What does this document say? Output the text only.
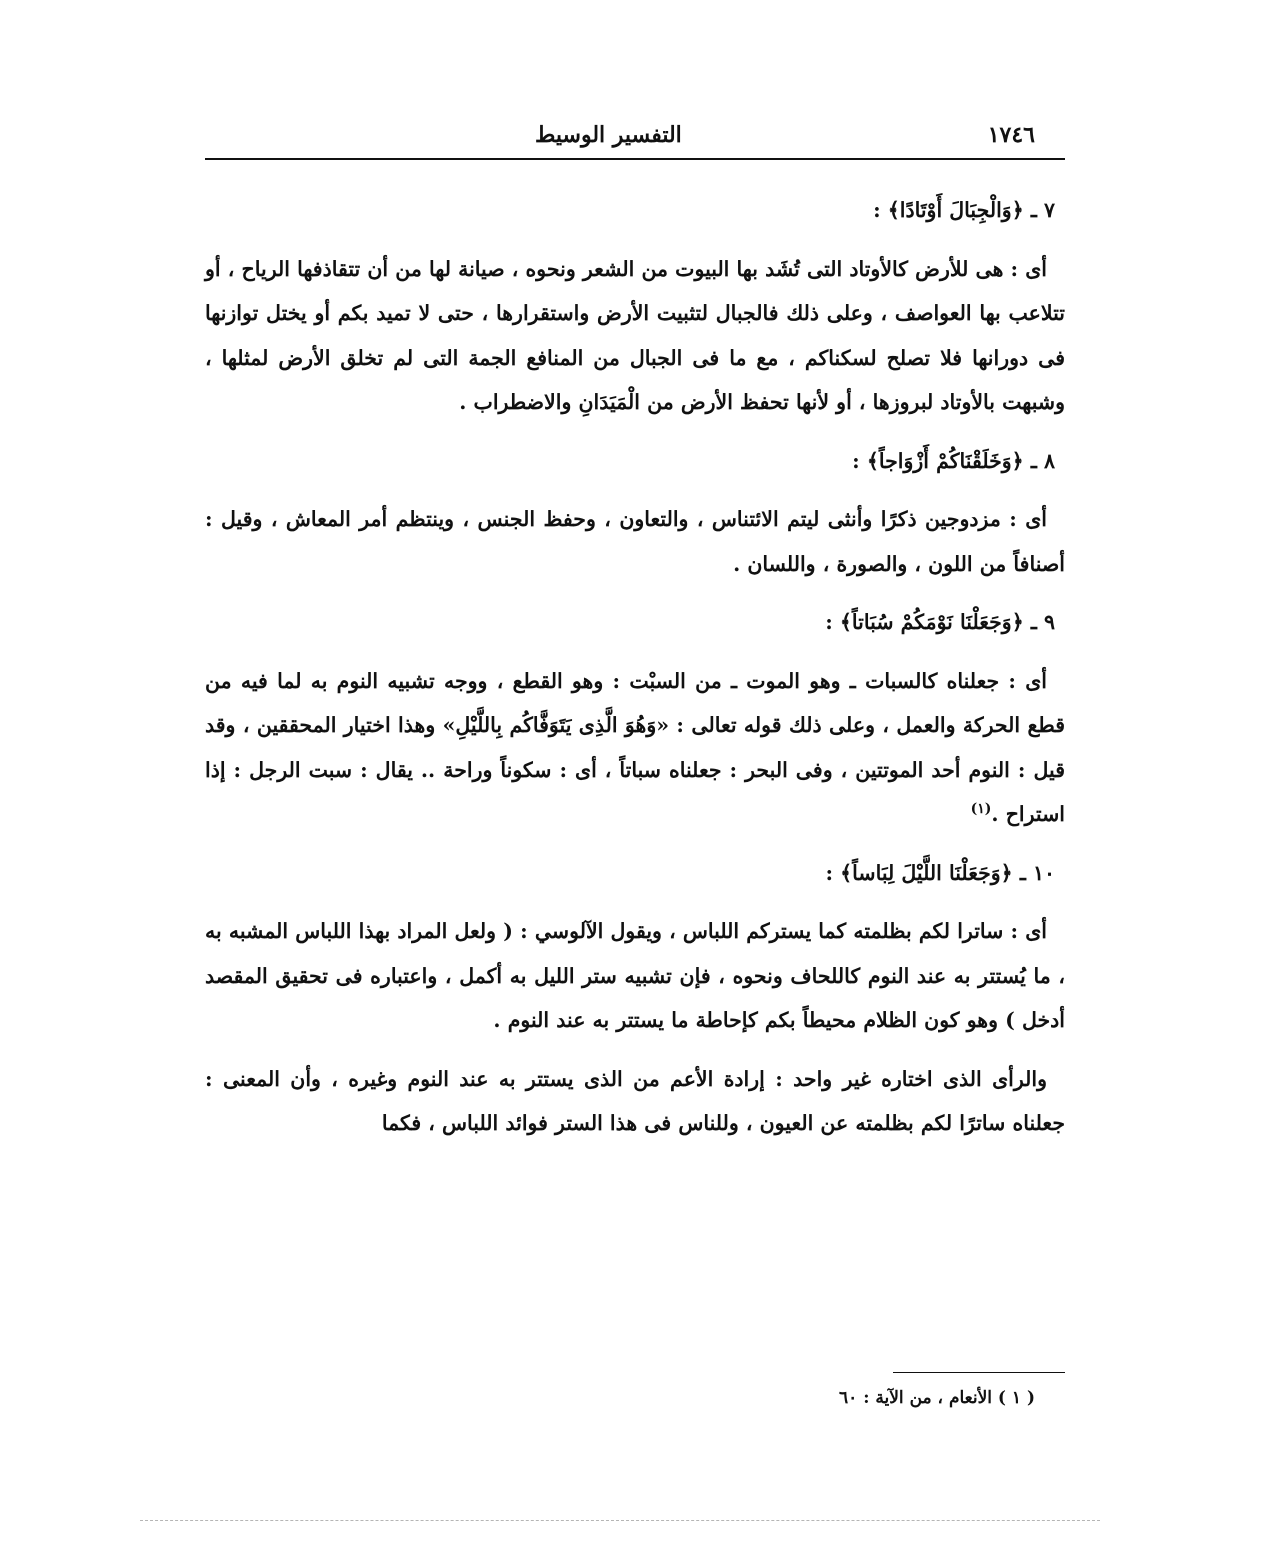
١٧٤٦
التفسير الوسيط
٧ ـ ﴿وَالْجِبَالَ أَوْتَادًا﴾ :

أى : هى للأرض كالأوتاد التى تُشَد بها البيوت من الشعر ونحوه ، صيانة لها من أن تتقاذفها الرياح ، أو تتلاعب بها العواصف ، وعلى ذلك فالجبال لتثبيت الأرض واستقرارها ، حتى لا تميد بكم أو يختل توازنها فى دورانها فلا تصلح لسكناكم ، مع ما فى الجبال من المنافع الجمة التى لم تخلق الأرض لمثلها ، وشبهت بالأوتاد لبروزها ، أو لأنها تحفظ الأرض من الْمَيَدَانِ والاضطراب .

٨ ـ ﴿وَخَلَقْنَاكُمْ أَزْوَاجاً﴾ :

أى : مزدوجين ذكرًا وأنثى ليتم الائتناس ، والتعاون ، وحفظ الجنس ، وينتظم أمر المعاش ، وقيل : أصنافاً من اللون ، والصورة ، واللسان .

٩ ـ ﴿وَجَعَلْنَا نَوْمَكُمْ سُبَاتاً﴾ :

أى : جعلناه كالسبات ـ وهو الموت ـ من السبْت : وهو القطع ، ووجه تشبيه النوم به لما فيه من قطع الحركة والعمل ، وعلى ذلك قوله تعالى : «وَهُوَ الَّذِى يَتَوَفَّاكُم بِاللَّيْلِ» وهذا اختيار المحققين ، وقد قيل : النوم أحد الموتتين ، وفى البحر : جعلناه سباتاً ، أى : سكوناً وراحة .. يقال : سبت الرجل : إذا استراح .$^{(١)}$

١٠ ـ ﴿وَجَعَلْنَا اللَّيْلَ لِبَاساً﴾ :

أى : ساترا لكم بظلمته كما يستركم اللباس ، ويقول الآلوسي : ( ولعل المراد بهذا اللباس المشبه به ، ما يُستتر به عند النوم كاللحاف ونحوه ، فإن تشبيه ستر الليل به أكمل ، واعتباره فى تحقيق المقصد أدخل ) وهو كون الظلام محيطاً بكم كإحاطة ما يستتر به عند النوم .

والرأى الذى اختاره غير واحد : إرادة الأعم من الذى يستتر به عند النوم وغيره ، وأن المعنى : جعلناه ساترًا لكم بظلمته عن العيون ، وللناس فى هذا الستر فوائد اللباس ، فكما

( ١ ) الأنعام ، من الآية : ٦٠
